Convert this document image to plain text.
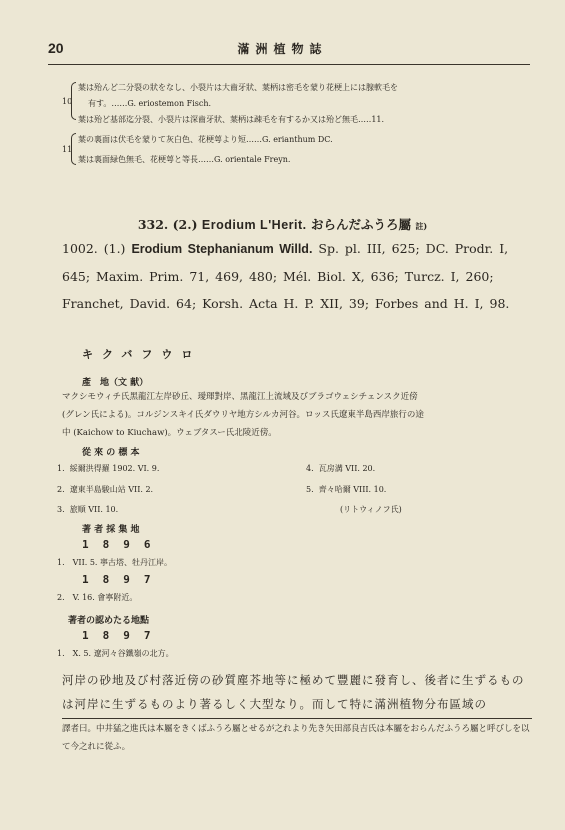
20	滿洲植物誌
10
葉は殆んど二分裂の狀をなし、小裂片は大齒牙狀、葉柄は密毛を蒙り花梗上には腺軟毛を
有す。……G. eriostemon Fisch.
葉は殆ど基部迄分裂、小裂片は深齒牙狀、葉柄は疎毛を有するか又は殆ど無毛…‥11.
11
葉の裏面は伏毛を蒙りて灰白色、花梗萼より短……G. erianthum DC.
葉は裏面緑色無毛、花梗萼と等長……G. orientale Freyn.
332. (2.) Erodium L'Herit. おらんだふうろ屬 註)
1002. (1.) Erodium Stephanianum Willd. Sp. pl. III, 625; DC. Prodr. I, 645; Maxim. Prim. 71, 469, 480; Mél. Biol. X, 636; Turcz. I, 260; Franchet, David. 64; Korsh. Acta H. P. XII, 39; Forbes and H. I, 98.
キクバフウロ
產　地（文 献）
マクシモウィチ氏黑龍江左岸砂丘、璦琿對岸、黑龍江上流域及びブラゴウェシチェンスク近傍
(グレン氏による)。コルジンスキイ氏ダウリヤ地方シルカ河谷。ロッス氏遼東半島西岸旅行の途
中 (Kaichow to Kiuchaw)。ウェブタスー氏北陵近傍。
從 來 の 標 本
1. 綏爾洪得羅 1902. VI. 9.
2. 遼東半島駿山站 VII. 2.
3. 旅順 VII. 10.
4. 瓦房溝 VII. 20.
5. 齊々哈爾 VIII. 10.
(リトウィノフ氏)
著 者 採 集 地
1896
1.　VII. 5. 寧古塔、牡丹江岸。
1897
2.　V. 16. 會寧附近。
著者の認めたる地點
1897
1.　X. 5. 遼河々谷鐵嶺の北方。
河岸の砂地及び村落近傍の砂質塵芥地等に極めて豐麗に發育し、後者に生ずるものは河岸に生ずるものより著るしく大型なり。而して特に滿洲植物分布區域の
譯者曰。中井猛之進氏は本屬をきくばふうろ屬とせるが之れより先き矢田部良吉氏は本屬をおらんだふうろ屬と呼びしを以て今之れに從ふ。
